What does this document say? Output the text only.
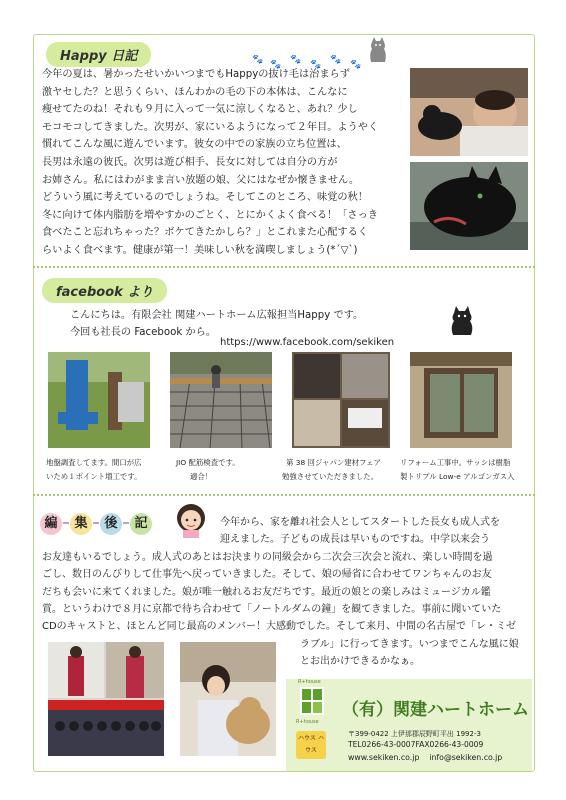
Happy 日記	🐾 🐾 🐾 🐾 🐾 🐾
今年の夏は、暑かったせいかいつまでもHappyの抜け毛は治まらず
激ヤセした？と思うくらい、ほんわかの毛の下の本体は、こんなに
痩せてたのね！それも９月に入って一気に涼しくなると、あれ？少し
モコモコしてきました。次男が、家にいるようになって２年目。ようやく
慣れてこんな風に遊んでいます。彼女の中での家族の立ち位置は、
長男は永遠の彼氏。次男は遊び相手、長女に対しては自分の方が
お姉さん。私にはわがまま言い放題の娘、父にはなぜか懐きません。
どういう風に考えているのでしょうね。そしてこのところ、味覚の秋！
冬に向けて体内脂肪を増やすかのごとく、とにかくよく食べる！「さっき
食べたこと忘れちゃった？ボケてきたかしら？」とこれまた心配するく
らいよく食べます。健康が第一！美味しい秋を満喫しましょう(*´▽`)
facebook より
こんにちは。有限会社 関建ハートホーム広報担当Happy です。
今回も社長の Facebook から。
https://www.facebook.com/sekiken
地盤調査してます。間口が広
いため１ポイント増工です。
JIO 配筋検査です。
適合！
第 38 回ジャパン建材フェア
勉強させていただきました。
リフォーム工事中。サッシは樹脂
製トリプル Low-e アルゴンガス入
編 集 後 記	今年から、家を離れ社会人としてスタートした長女も成人式を
迎えました。子どもの成長は早いものですね。中学以来会う
お友達もいるでしょう。成人式のあとはお決まりの同級会から二次会三次会と流れ、楽しい時間を過
ごし、数日のんびりして仕事先へ戻っていきました。そして、娘の帰省に合わせてワンちゃんのお友
だちも会いに来てくれました。娘が唯一触れるお友だちです。最近の娘との楽しみはミュージカル鑑
賞。というわけで８月に京都で待ち合わせて「ノートルダムの鐘」を観てきました。事前に聞いていた
CDのキャストと、ほとんど同じ最高のメンバー！大感動でした。そして来月、中間の名古屋で「レ・ミゼ
ラブル」に行ってきます。いつまでこんな風に娘
とお出かけできるかなぁ。
R+house
R+house
ハウス ハウス
（有）関建ハートホーム
〒399-0422 上伊那郡辰野町平出 1992-3
TEL0266-43-0007FAX0266-43-0009
www.sekiken.co.jp    info@sekiken.co.jp
